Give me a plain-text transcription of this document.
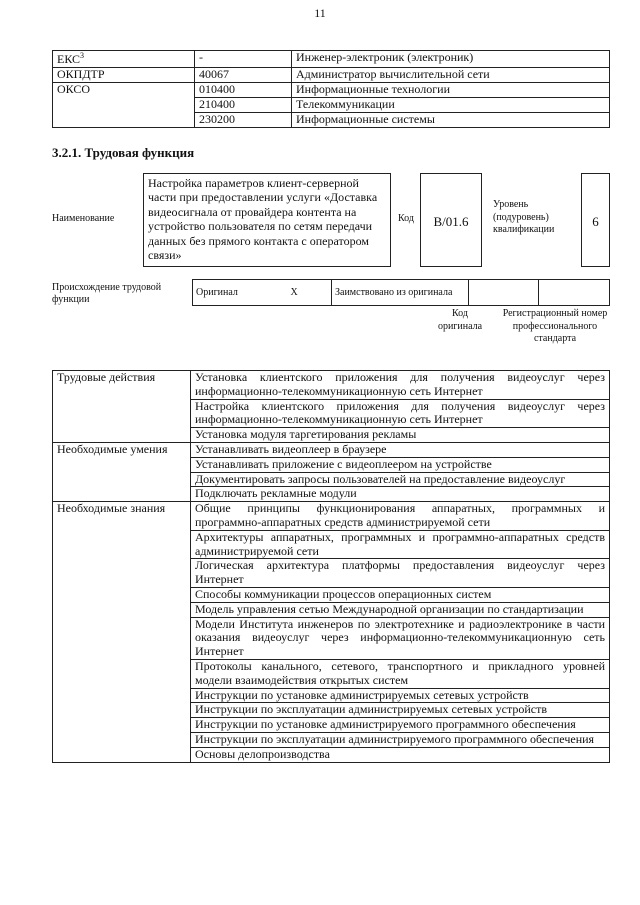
11
ЕКС$^3$	-	Инженер-электроник (электроник)
ОКПДТР	40067	Администратор вычислительной сети
ОКСО	010400	Информационные технологии
	210400	Телекоммуникации
	230200	Информационные системы
3.2.1. Трудовая функция
Наименование
Настройка параметров клиент-серверной части при предоставлении услуги «Доставка видеосигнала от провайдера контента на устройство пользователя по сетям передачи данных без прямого контакта с оператором связи»
Код	B/01.6
Уровень (подуровень) квалификации
6
Происхождение трудовой функции
Оригинал	X	Заимствовано из оригинала		
Код оригинала
Регистрационный номер профессионального стандарта
Трудовые действия	Установка клиентского приложения для получения видеоуслуг через информационно-телекоммуникационную сеть Интернет
	Настройка клиентского приложения для получения видеоуслуг через информационно-телекоммуникационную сеть Интернет
	Установка модуля таргетирования рекламы
Необходимые умения	Устанавливать видеоплеер в браузере
	Устанавливать приложение с видеоплеером на устройстве
	Документировать запросы пользователей на предоставление видеоуслуг
	Подключать рекламные модули
Необходимые знания	Общие принципы функционирования аппаратных, программных и программно-аппаратных средств администрируемой сети
	Архитектуры аппаратных, программных и программно-аппаратных средств администрируемой сети
	Логическая архитектура платформы предоставления видеоуслуг через Интернет
	Способы коммуникации процессов операционных систем
	Модель управления сетью Международной организации по стандартизации
	Модели Института инженеров по электротехнике и радиоэлектронике в части оказания видеоуслуг через информационно-телекоммуникационную сеть Интернет
	Протоколы канального, сетевого, транспортного и прикладного уровней модели взаимодействия открытых систем
	Инструкции по установке администрируемых сетевых устройств
	Инструкции по эксплуатации администрируемых сетевых устройств
	Инструкции по установке администрируемого программного обеспечения
	Инструкции по эксплуатации администрируемого программного обеспечения
	Основы делопроизводства
